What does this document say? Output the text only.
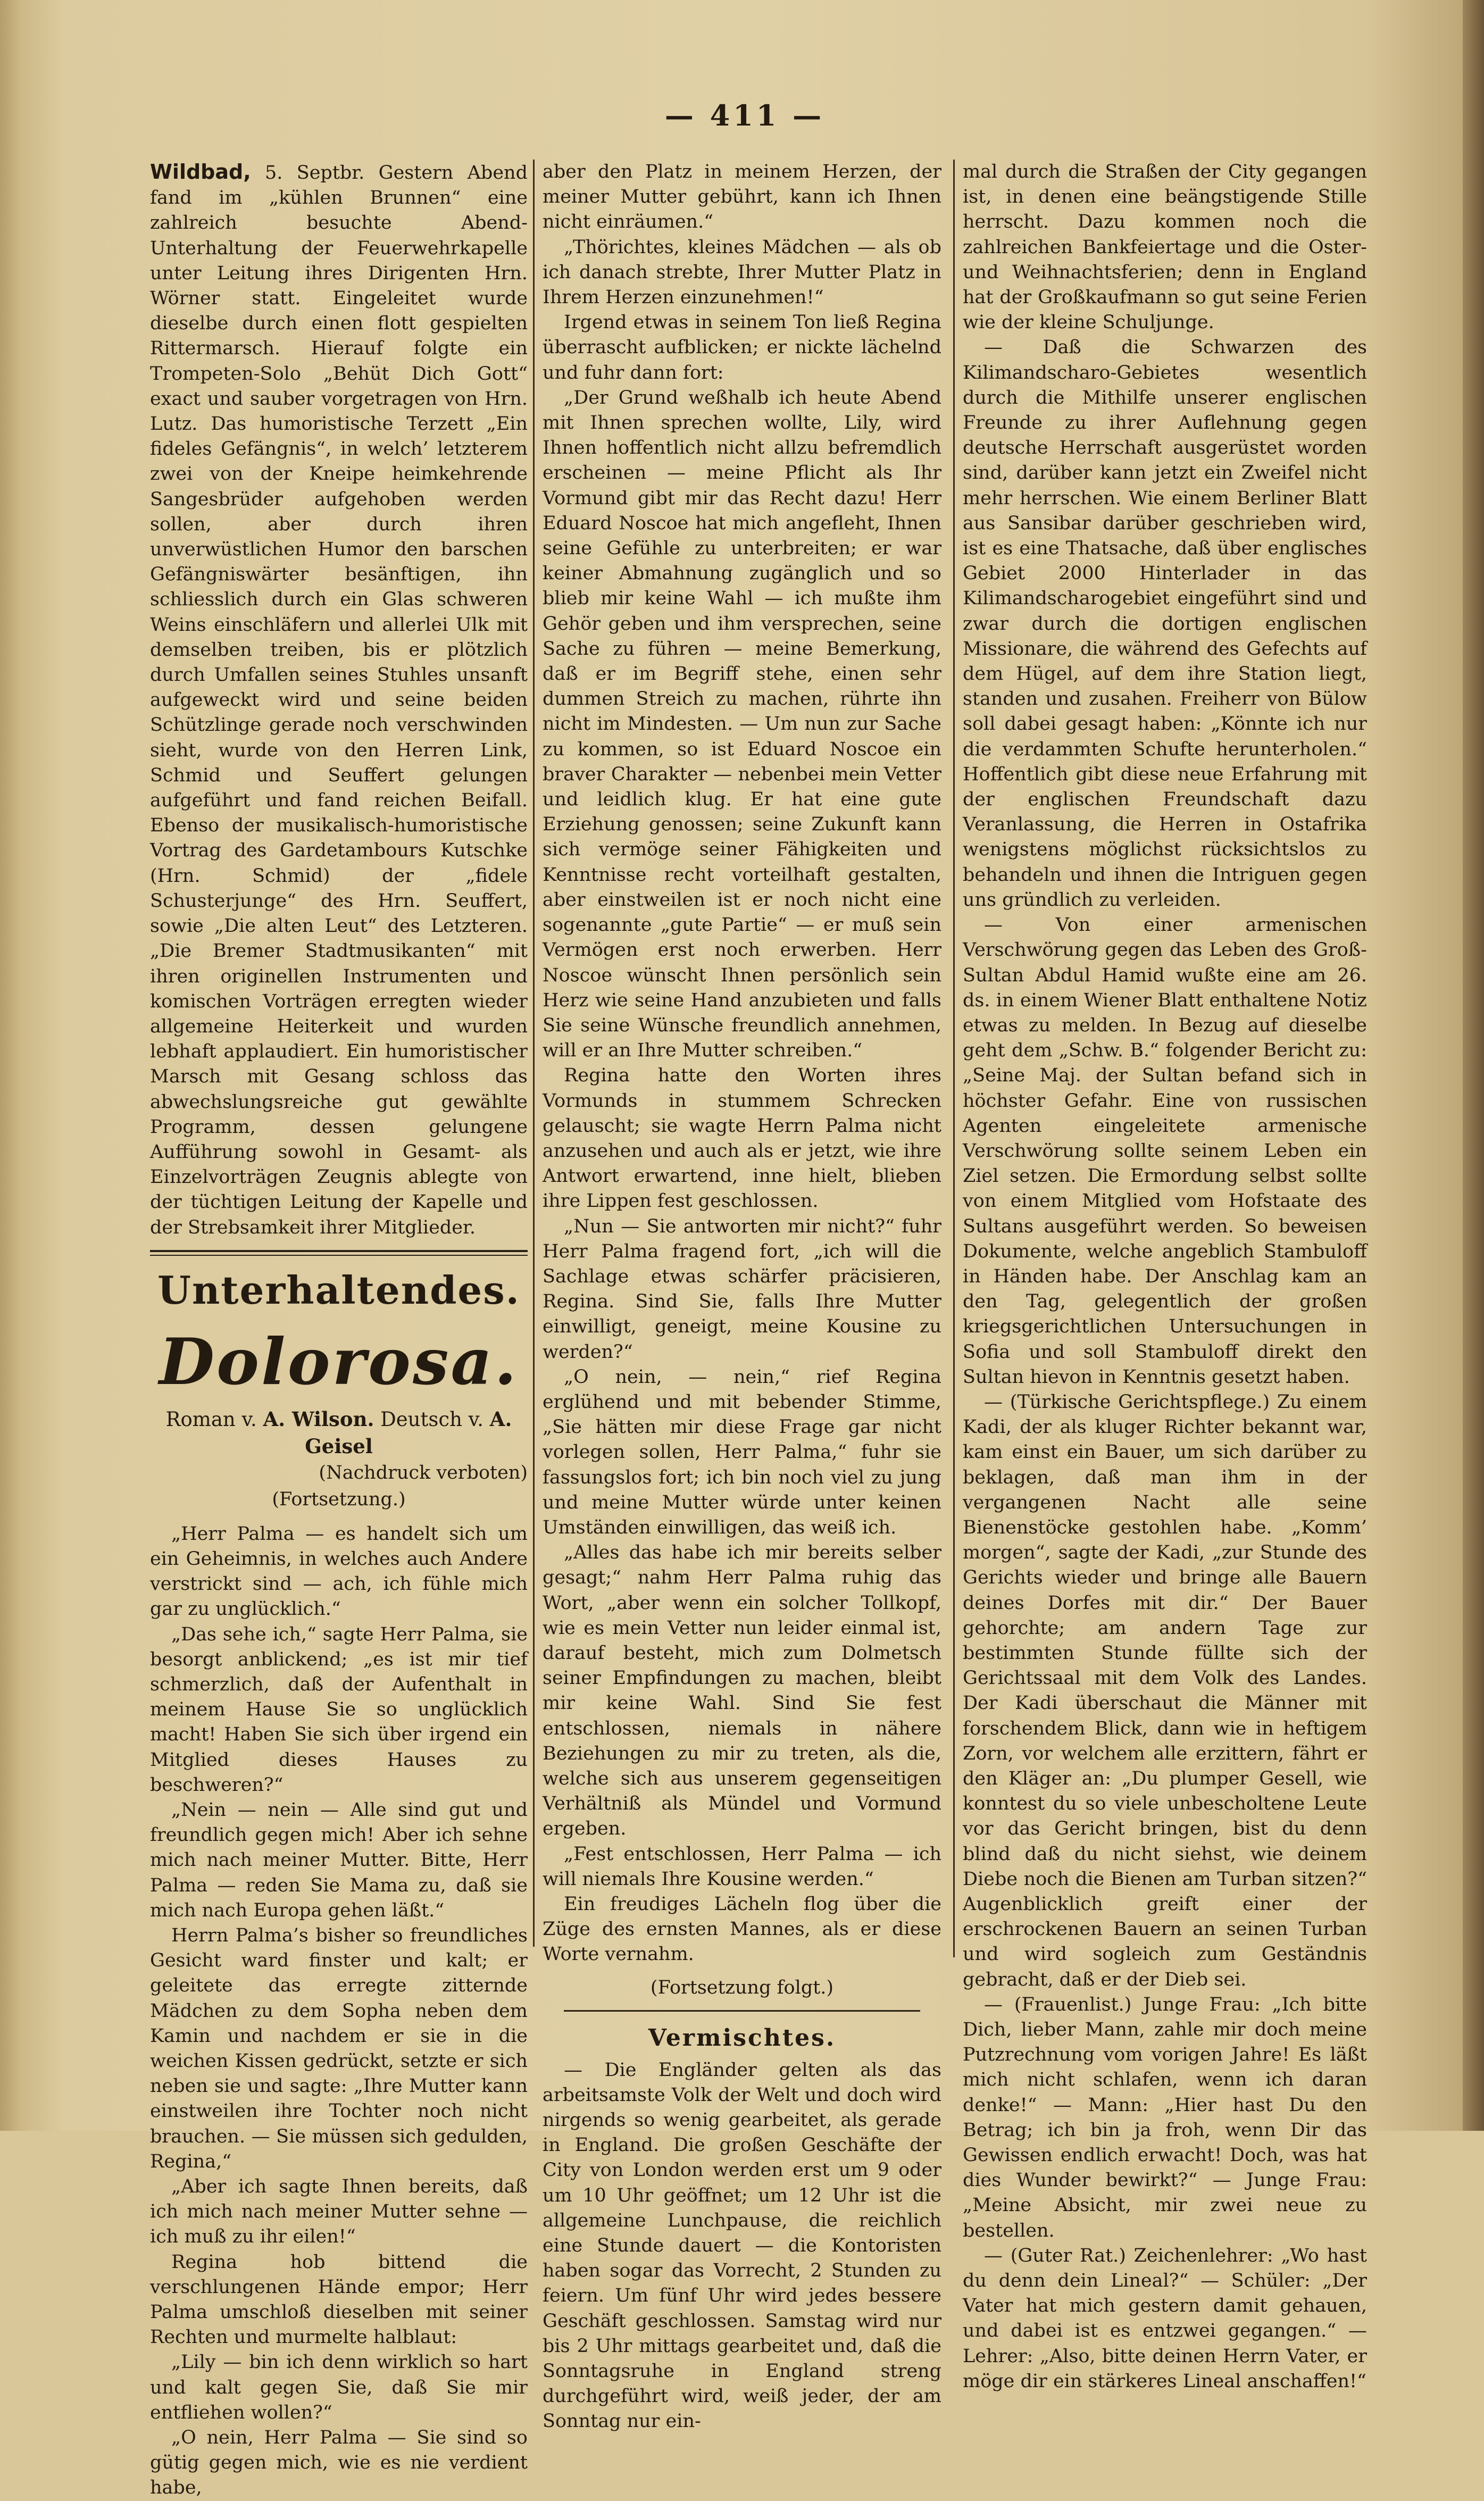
— 411 —

Wildbad, 5. Septbr. Gestern Abend fand im „kühlen Brunnen“ eine zahlreich besuchte Abend-Unterhaltung der Feuerwehrkapelle unter Leitung ihres Dirigenten Hrn. Wörner statt. Eingeleitet wurde dieselbe durch einen flott gespielten Rittermarsch. Hierauf folgte ein Trompeten-Solo „Behüt Dich Gott“ exact und sauber vorgetragen von Hrn. Lutz. Das humoristische Terzett „Ein fideles Gefängnis“, in welch’ letzterem zwei von der Kneipe heimkehrende Sangesbrüder aufgehoben werden sollen, aber durch ihren unverwüstlichen Humor den barschen Gefängniswärter besänftigen, ihn schliesslich durch ein Glas schweren Weins einschläfern und allerlei Ulk mit demselben treiben, bis er plötzlich durch Umfallen seines Stuhles unsanft aufgeweckt wird und seine beiden Schützlinge gerade noch verschwinden sieht, wurde von den Herren Link, Schmid und Seuffert gelungen aufgeführt und fand reichen Beifall. Ebenso der musikalisch-humoristische Vortrag des Gardetambours Kutschke (Hrn. Schmid) der „fidele Schusterjunge“ des Hrn. Seuffert, sowie „Die alten Leut“ des Letzteren. „Die Bremer Stadtmusikanten“ mit ihren originellen Instrumenten und komischen Vorträgen erregten wieder allgemeine Heiterkeit und wurden lebhaft applaudiert. Ein humoristischer Marsch mit Gesang schloss das abwechslungsreiche gut gewählte Programm, dessen gelungene Aufführung sowohl in Gesamt- als Einzelvorträgen Zeugnis ablegte von der tüchtigen Leitung der Kapelle und der Strebsamkeit ihrer Mitglieder.

Unterhaltendes.
Dolorosa.

Roman v. A. Wilson. Deutsch v. A. Geisel

(Nachdruck verboten)

(Fortsetzung.)

„Herr Palma — es handelt sich um ein Geheimnis, in welches auch Andere verstrickt sind — ach, ich fühle mich gar zu unglücklich.“

„Das sehe ich,“ sagte Herr Palma, sie besorgt anblickend; „es ist mir tief schmerzlich, daß der Aufenthalt in meinem Hause Sie so unglücklich macht! Haben Sie sich über irgend ein Mitglied dieses Hauses zu beschweren?“

„Nein — nein — Alle sind gut und freundlich gegen mich! Aber ich sehne mich nach meiner Mutter. Bitte, Herr Palma — reden Sie Mama zu, daß sie mich nach Europa gehen läßt.“

Herrn Palma’s bisher so freundliches Gesicht ward finster und kalt; er geleitete das erregte zitternde Mädchen zu dem Sopha neben dem Kamin und nachdem er sie in die weichen Kissen gedrückt, setzte er sich neben sie und sagte: „Ihre Mutter kann einstweilen ihre Tochter noch nicht brauchen. — Sie müssen sich gedulden, Regina,“

„Aber ich sagte Ihnen bereits, daß ich mich nach meiner Mutter sehne — ich muß zu ihr eilen!“

Regina hob bittend die verschlungenen Hände empor; Herr Palma umschloß dieselben mit seiner Rechten und murmelte halblaut:

„Lily — bin ich denn wirklich so hart und kalt gegen Sie, daß Sie mir entfliehen wollen?“

„O nein, Herr Palma — Sie sind so gütig gegen mich, wie es nie verdient habe,

aber den Platz in meinem Herzen, der meiner Mutter gebührt, kann ich Ihnen nicht einräumen.“

„Thörichtes, kleines Mädchen — als ob ich danach strebte, Ihrer Mutter Platz in Ihrem Herzen einzunehmen!“

Irgend etwas in seinem Ton ließ Regina überrascht aufblicken; er nickte lächelnd und fuhr dann fort:

„Der Grund weßhalb ich heute Abend mit Ihnen sprechen wollte, Lily, wird Ihnen hoffentlich nicht allzu befremdlich erscheinen — meine Pflicht als Ihr Vormund gibt mir das Recht dazu! Herr Eduard Noscoe hat mich angefleht, Ihnen seine Gefühle zu unterbreiten; er war keiner Abmahnung zugänglich und so blieb mir keine Wahl — ich mußte ihm Gehör geben und ihm versprechen, seine Sache zu führen — meine Bemerkung, daß er im Begriff stehe, einen sehr dummen Streich zu machen, rührte ihn nicht im Mindesten. — Um nun zur Sache zu kommen, so ist Eduard Noscoe ein braver Charakter — nebenbei mein Vetter und leidlich klug. Er hat eine gute Erziehung genossen; seine Zukunft kann sich vermöge seiner Fähigkeiten und Kenntnisse recht vorteilhaft gestalten, aber einstweilen ist er noch nicht eine sogenannte „gute Partie“ — er muß sein Vermögen erst noch erwerben. Herr Noscoe wünscht Ihnen persönlich sein Herz wie seine Hand anzubieten und falls Sie seine Wünsche freundlich annehmen, will er an Ihre Mutter schreiben.“

Regina hatte den Worten ihres Vormunds in stummem Schrecken gelauscht; sie wagte Herrn Palma nicht anzusehen und auch als er jetzt, wie ihre Antwort erwartend, inne hielt, blieben ihre Lippen fest geschlossen.

„Nun — Sie antworten mir nicht?“ fuhr Herr Palma fragend fort, „ich will die Sachlage etwas schärfer präcisieren, Regina. Sind Sie, falls Ihre Mutter einwilligt, geneigt, meine Kousine zu werden?“

„O nein, — nein,“ rief Regina erglühend und mit bebender Stimme, „Sie hätten mir diese Frage gar nicht vorlegen sollen, Herr Palma,“ fuhr sie fassungslos fort; ich bin noch viel zu jung und meine Mutter würde unter keinen Umständen einwilligen, das weiß ich.

„Alles das habe ich mir bereits selber gesagt;“ nahm Herr Palma ruhig das Wort, „aber wenn ein solcher Tollkopf, wie es mein Vetter nun leider einmal ist, darauf besteht, mich zum Dolmetsch seiner Empfindungen zu machen, bleibt mir keine Wahl. Sind Sie fest entschlossen, niemals in nähere Beziehungen zu mir zu treten, als die, welche sich aus unserem gegenseitigen Verhältniß als Mündel und Vormund ergeben.

„Fest entschlossen, Herr Palma — ich will niemals Ihre Kousine werden.“

Ein freudiges Lächeln flog über die Züge des ernsten Mannes, als er diese Worte vernahm.

(Fortsetzung folgt.)
Vermischtes.

— Die Engländer gelten als das arbeitsamste Volk der Welt und doch wird nirgends so wenig gearbeitet, als gerade in England. Die großen Geschäfte der City von London werden erst um 9 oder um 10 Uhr geöffnet; um 12 Uhr ist die allgemeine Lunchpause, die reichlich eine Stunde dauert — die Kontoristen haben sogar das Vorrecht, 2 Stunden zu feiern. Um fünf Uhr wird jedes bessere Geschäft geschlossen. Samstag wird nur bis 2 Uhr mittags gearbeitet und, daß die Sonntagsruhe in England streng durchgeführt wird, weiß jeder, der am Sonntag nur ein-

mal durch die Straßen der City gegangen ist, in denen eine beängstigende Stille herrscht. Dazu kommen noch die zahlreichen Bankfeiertage und die Oster- und Weihnachtsferien; denn in England hat der Großkaufmann so gut seine Ferien wie der kleine Schuljunge.

— Daß die Schwarzen des Kilimandscharo-Gebietes wesentlich durch die Mithilfe unserer englischen Freunde zu ihrer Auflehnung gegen deutsche Herrschaft ausgerüstet worden sind, darüber kann jetzt ein Zweifel nicht mehr herrschen. Wie einem Berliner Blatt aus Sansibar darüber geschrieben wird, ist es eine Thatsache, daß über englisches Gebiet 2000 Hinterlader in das Kilimandscharogebiet eingeführt sind und zwar durch die dortigen englischen Missionare, die während des Gefechts auf dem Hügel, auf dem ihre Station liegt, standen und zusahen. Freiherr von Bülow soll dabei gesagt haben: „Könnte ich nur die verdammten Schufte herunterholen.“ Hoffentlich gibt diese neue Erfahrung mit der englischen Freundschaft dazu Veranlassung, die Herren in Ostafrika wenigstens möglichst rücksichtslos zu behandeln und ihnen die Intriguen gegen uns gründlich zu verleiden.

— Von einer armenischen Verschwörung gegen das Leben des Groß-Sultan Abdul Hamid wußte eine am 26. ds. in einem Wiener Blatt enthaltene Notiz etwas zu melden. In Bezug auf dieselbe geht dem „Schw. B.“ folgender Bericht zu: „Seine Maj. der Sultan befand sich in höchster Gefahr. Eine von russischen Agenten eingeleitete armenische Verschwörung sollte seinem Leben ein Ziel setzen. Die Ermordung selbst sollte von einem Mitglied vom Hofstaate des Sultans ausgeführt werden. So beweisen Dokumente, welche angeblich Stambuloff in Händen habe. Der Anschlag kam an den Tag, gelegentlich der großen kriegsgerichtlichen Untersuchungen in Sofia und soll Stambuloff direkt den Sultan hievon in Kenntnis gesetzt haben.

— (Türkische Gerichtspflege.) Zu einem Kadi, der als kluger Richter bekannt war, kam einst ein Bauer, um sich darüber zu beklagen, daß man ihm in der vergangenen Nacht alle seine Bienenstöcke gestohlen habe. „Komm’ morgen“, sagte der Kadi, „zur Stunde des Gerichts wieder und bringe alle Bauern deines Dorfes mit dir.“ Der Bauer gehorchte; am andern Tage zur bestimmten Stunde füllte sich der Gerichtssaal mit dem Volk des Landes. Der Kadi überschaut die Männer mit forschendem Blick, dann wie in heftigem Zorn, vor welchem alle erzittern, fährt er den Kläger an: „Du plumper Gesell, wie konntest du so viele unbescholtene Leute vor das Gericht bringen, bist du denn blind daß du nicht siehst, wie deinem Diebe noch die Bienen am Turban sitzen?“ Augenblicklich greift einer der erschrockenen Bauern an seinen Turban und wird sogleich zum Geständnis gebracht, daß er der Dieb sei.

— (Frauenlist.) Junge Frau: „Ich bitte Dich, lieber Mann, zahle mir doch meine Putzrechnung vom vorigen Jahre! Es läßt mich nicht schlafen, wenn ich daran denke!“ — Mann: „Hier hast Du den Betrag; ich bin ja froh, wenn Dir das Gewissen endlich erwacht! Doch, was hat dies Wunder bewirkt?“ — Junge Frau: „Meine Absicht, mir zwei neue zu bestellen.

— (Guter Rat.) Zeichenlehrer: „Wo hast du denn dein Lineal?“ — Schüler: „Der Vater hat mich gestern damit gehauen, und dabei ist es entzwei gegangen.“ — Lehrer: „Also, bitte deinen Herrn Vater, er möge dir ein stärkeres Lineal anschaffen!“
